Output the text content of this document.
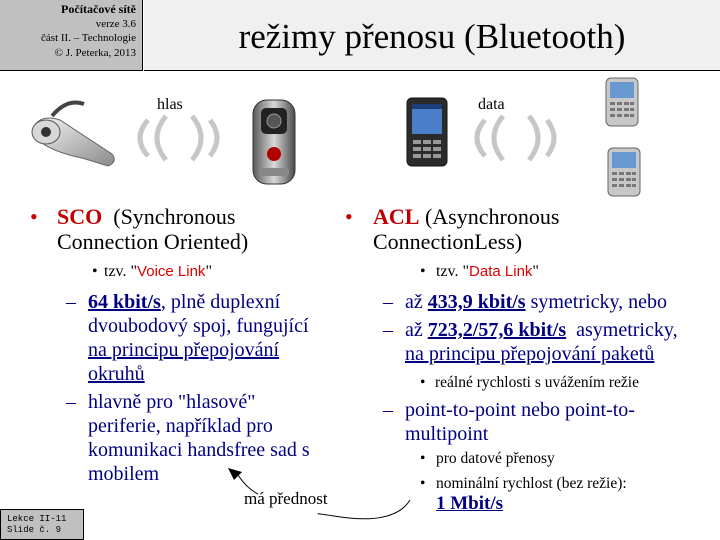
Počítačové sítě
verze 3.6
část II. – Technologie
© J. Peterka, 2013	režimy přenosu (Bluetooth)
hlas	data
• SCO  (Synchronous
Connection Oriented)
• tzv. "Voice Link"
– 64 kbit/s, plně duplexní
dvoubodový spoj, fungující
na principu přepojování
okruhů
– hlavně pro "hlasové"
periferie, například pro
komunikaci handsfree sad s
mobilem
• ACL (Asynchronous
ConnectionLess)
• tzv. "Data Link"
– až 433,9 kbit/s symetricky, nebo
– až 723,2/57,6 kbit/s  asymetricky,
na principu přepojování paketů
• reálné rychlosti s uvážením režie
– point-to-point nebo point-to-
multipoint
• pro datové přenosy
• nominální rychlost (bez režie):
1 Mbit/s
má přednost
Lekce II-11
Slide č. 9
